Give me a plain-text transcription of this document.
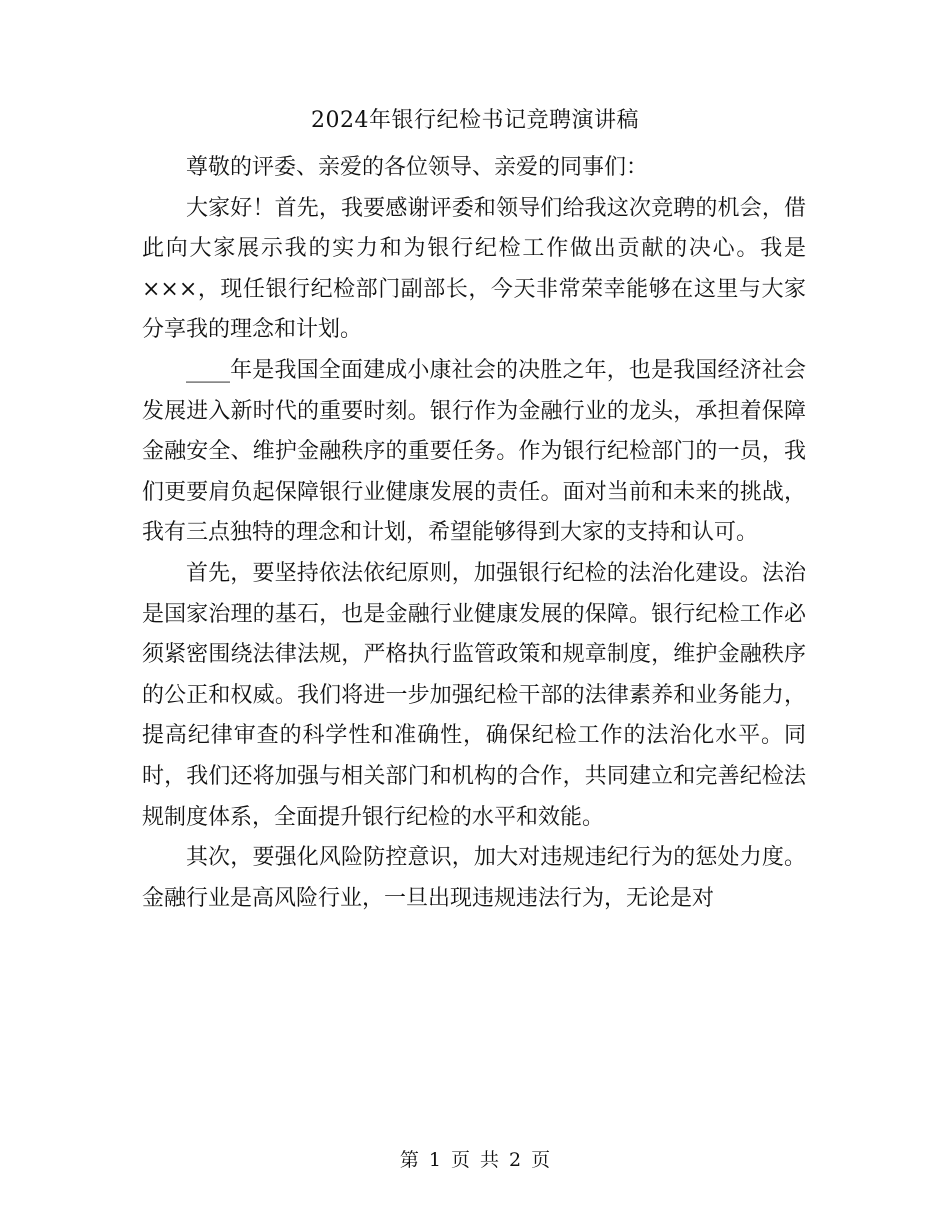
2024年银行纪检书记竞聘演讲稿

尊敬的评委、亲爱的各位领导、亲爱的同事们：

大家好！首先，我要感谢评委和领导们给我这次竞聘的机会，借此向大家展示我的实力和为银行纪检工作做出贡献的决心。我是×××，现任银行纪检部门副部长，今天非常荣幸能够在这里与大家分享我的理念和计划。

____年是我国全面建成小康社会的决胜之年，也是我国经济社会发展进入新时代的重要时刻。银行作为金融行业的龙头，承担着保障金融安全、维护金融秩序的重要任务。作为银行纪检部门的一员，我们更要肩负起保障银行业健康发展的责任。面对当前和未来的挑战，我有三点独特的理念和计划，希望能够得到大家的支持和认可。

首先，要坚持依法依纪原则，加强银行纪检的法治化建设。法治是国家治理的基石，也是金融行业健康发展的保障。银行纪检工作必须紧密围绕法律法规，严格执行监管政策和规章制度，维护金融秩序的公正和权威。我们将进一步加强纪检干部的法律素养和业务能力，提高纪律审查的科学性和准确性，确保纪检工作的法治化水平。同时，我们还将加强与相关部门和机构的合作，共同建立和完善纪检法规制度体系，全面提升银行纪检的水平和效能。

其次，要强化风险防控意识，加大对违规违纪行为的惩处力度。金融行业是高风险行业，一旦出现违规违法行为，无论是对

第 1 页 共 2 页
